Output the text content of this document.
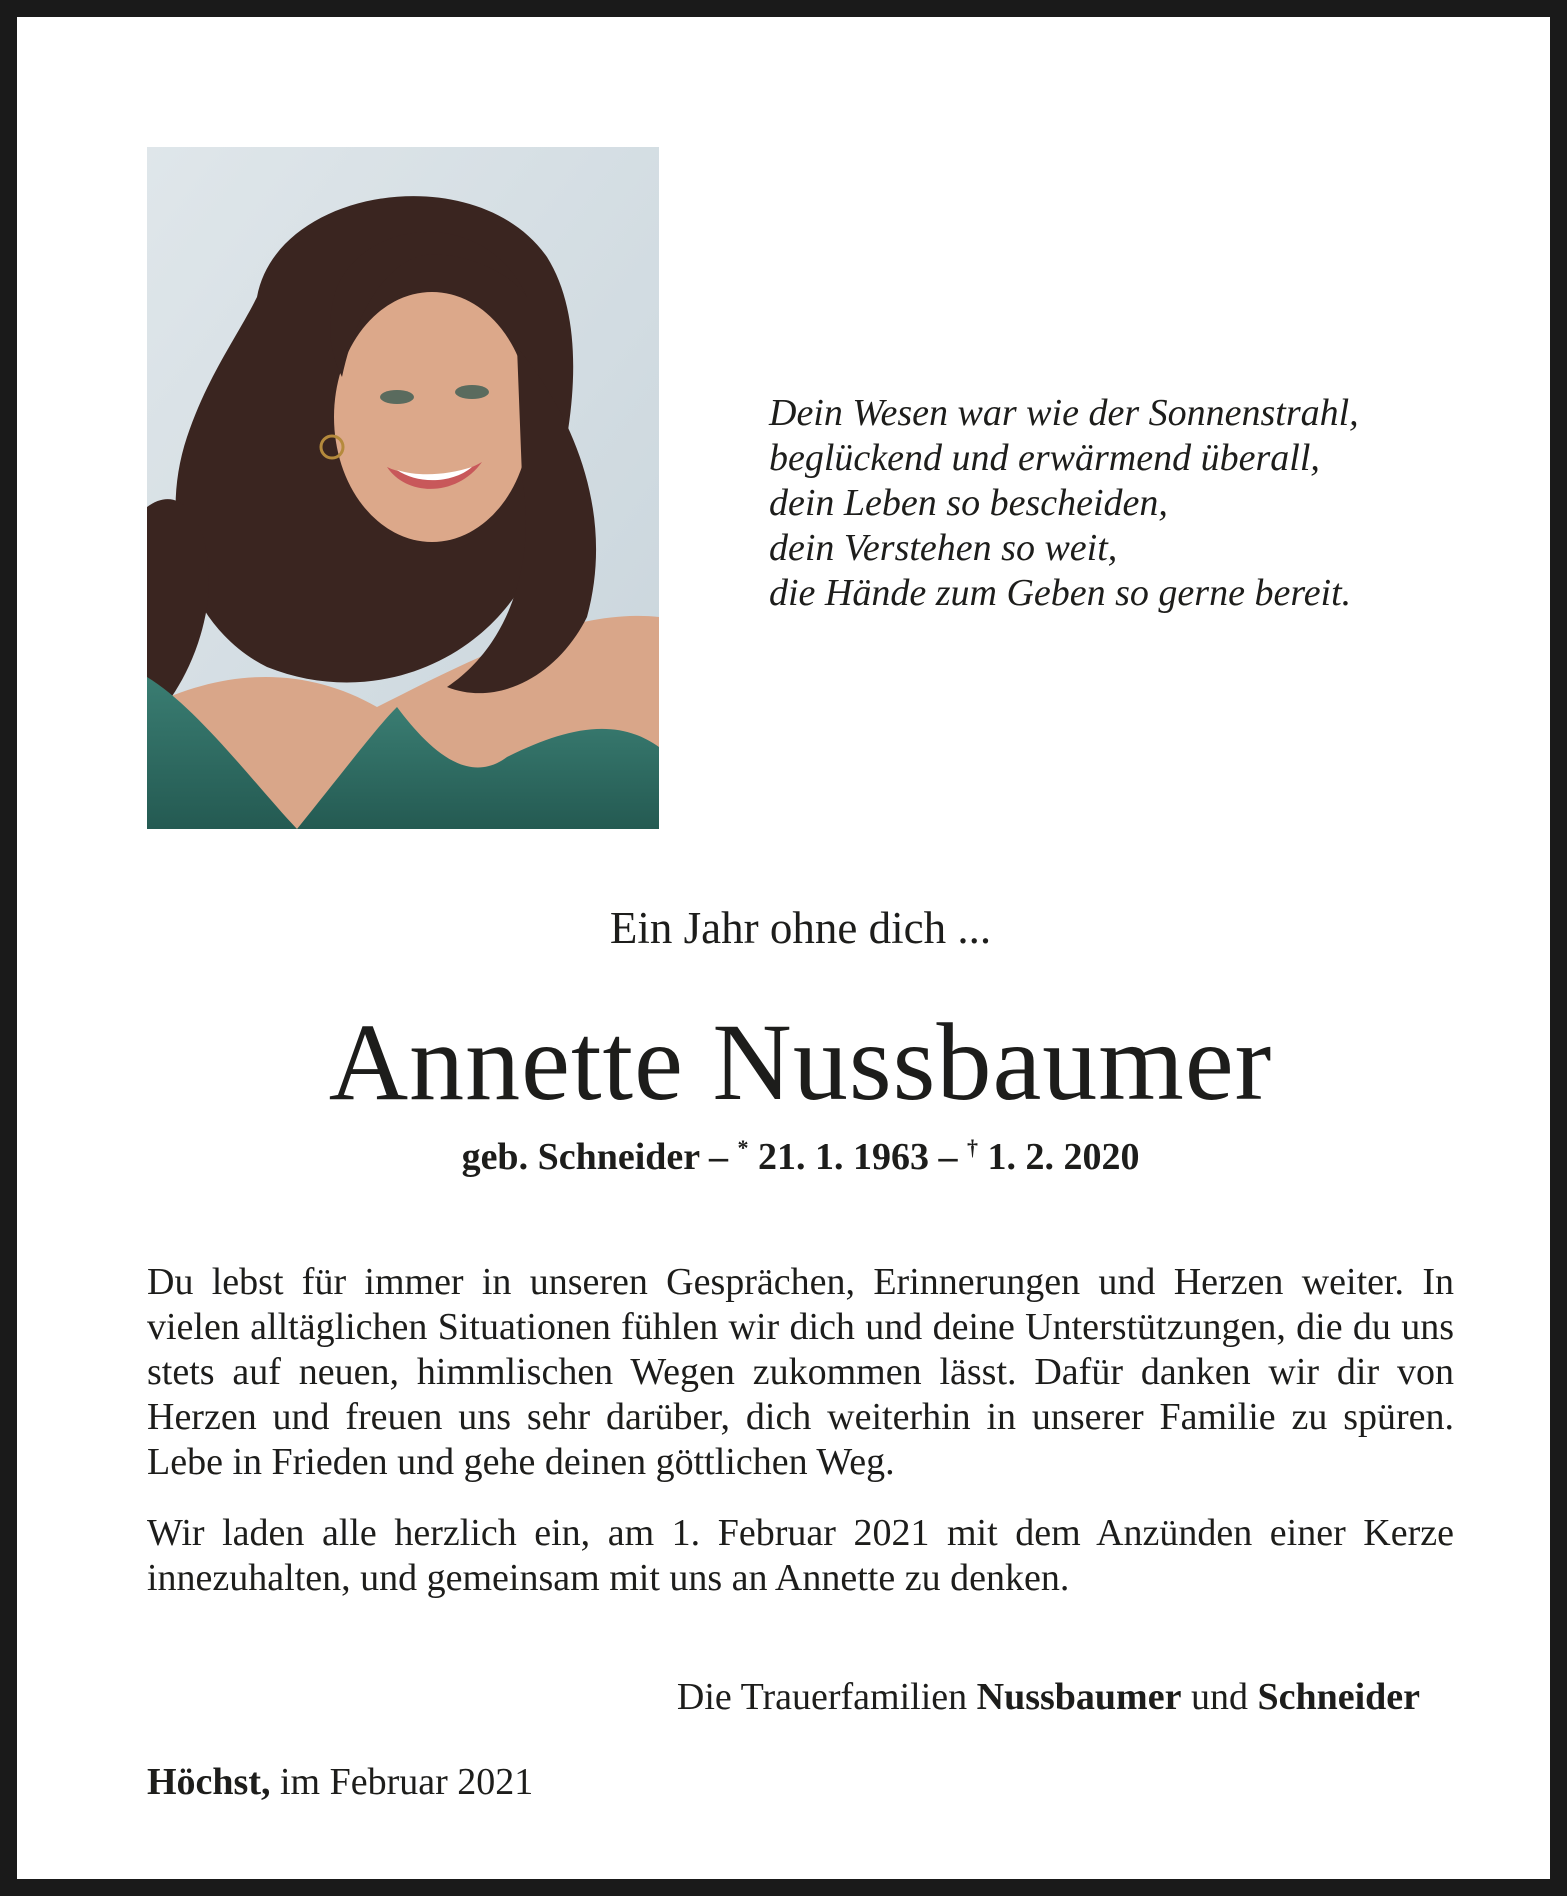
Dein Wesen war wie der Sonnenstrahl,
beglückend und erwärmend überall,
dein Leben so bescheiden,
dein Verstehen so weit,
die Hände zum Geben so gerne bereit.
Ein Jahr ohne dich ...
Annette Nussbaumer
geb. Schneider – * 21. 1. 1963 – † 1. 2. 2020
Du lebst für immer in unseren Gesprächen, Erinnerungen und Herzen weiter. In vielen alltäglichen Situationen fühlen wir dich und deine Unterstützungen, die du uns stets auf neuen, himmlischen Wegen zukommen lässt. Dafür danken wir dir von Herzen und freuen uns sehr darüber, dich weiterhin in unserer Familie zu spüren. Lebe in Frieden und gehe deinen göttlichen Weg.
Wir laden alle herzlich ein, am 1. Februar 2021 mit dem Anzünden einer Kerze innezuhalten, und gemeinsam mit uns an Annette zu denken.
Die Trauerfamilien Nussbaumer und Schneider
Höchst, im Februar 2021
